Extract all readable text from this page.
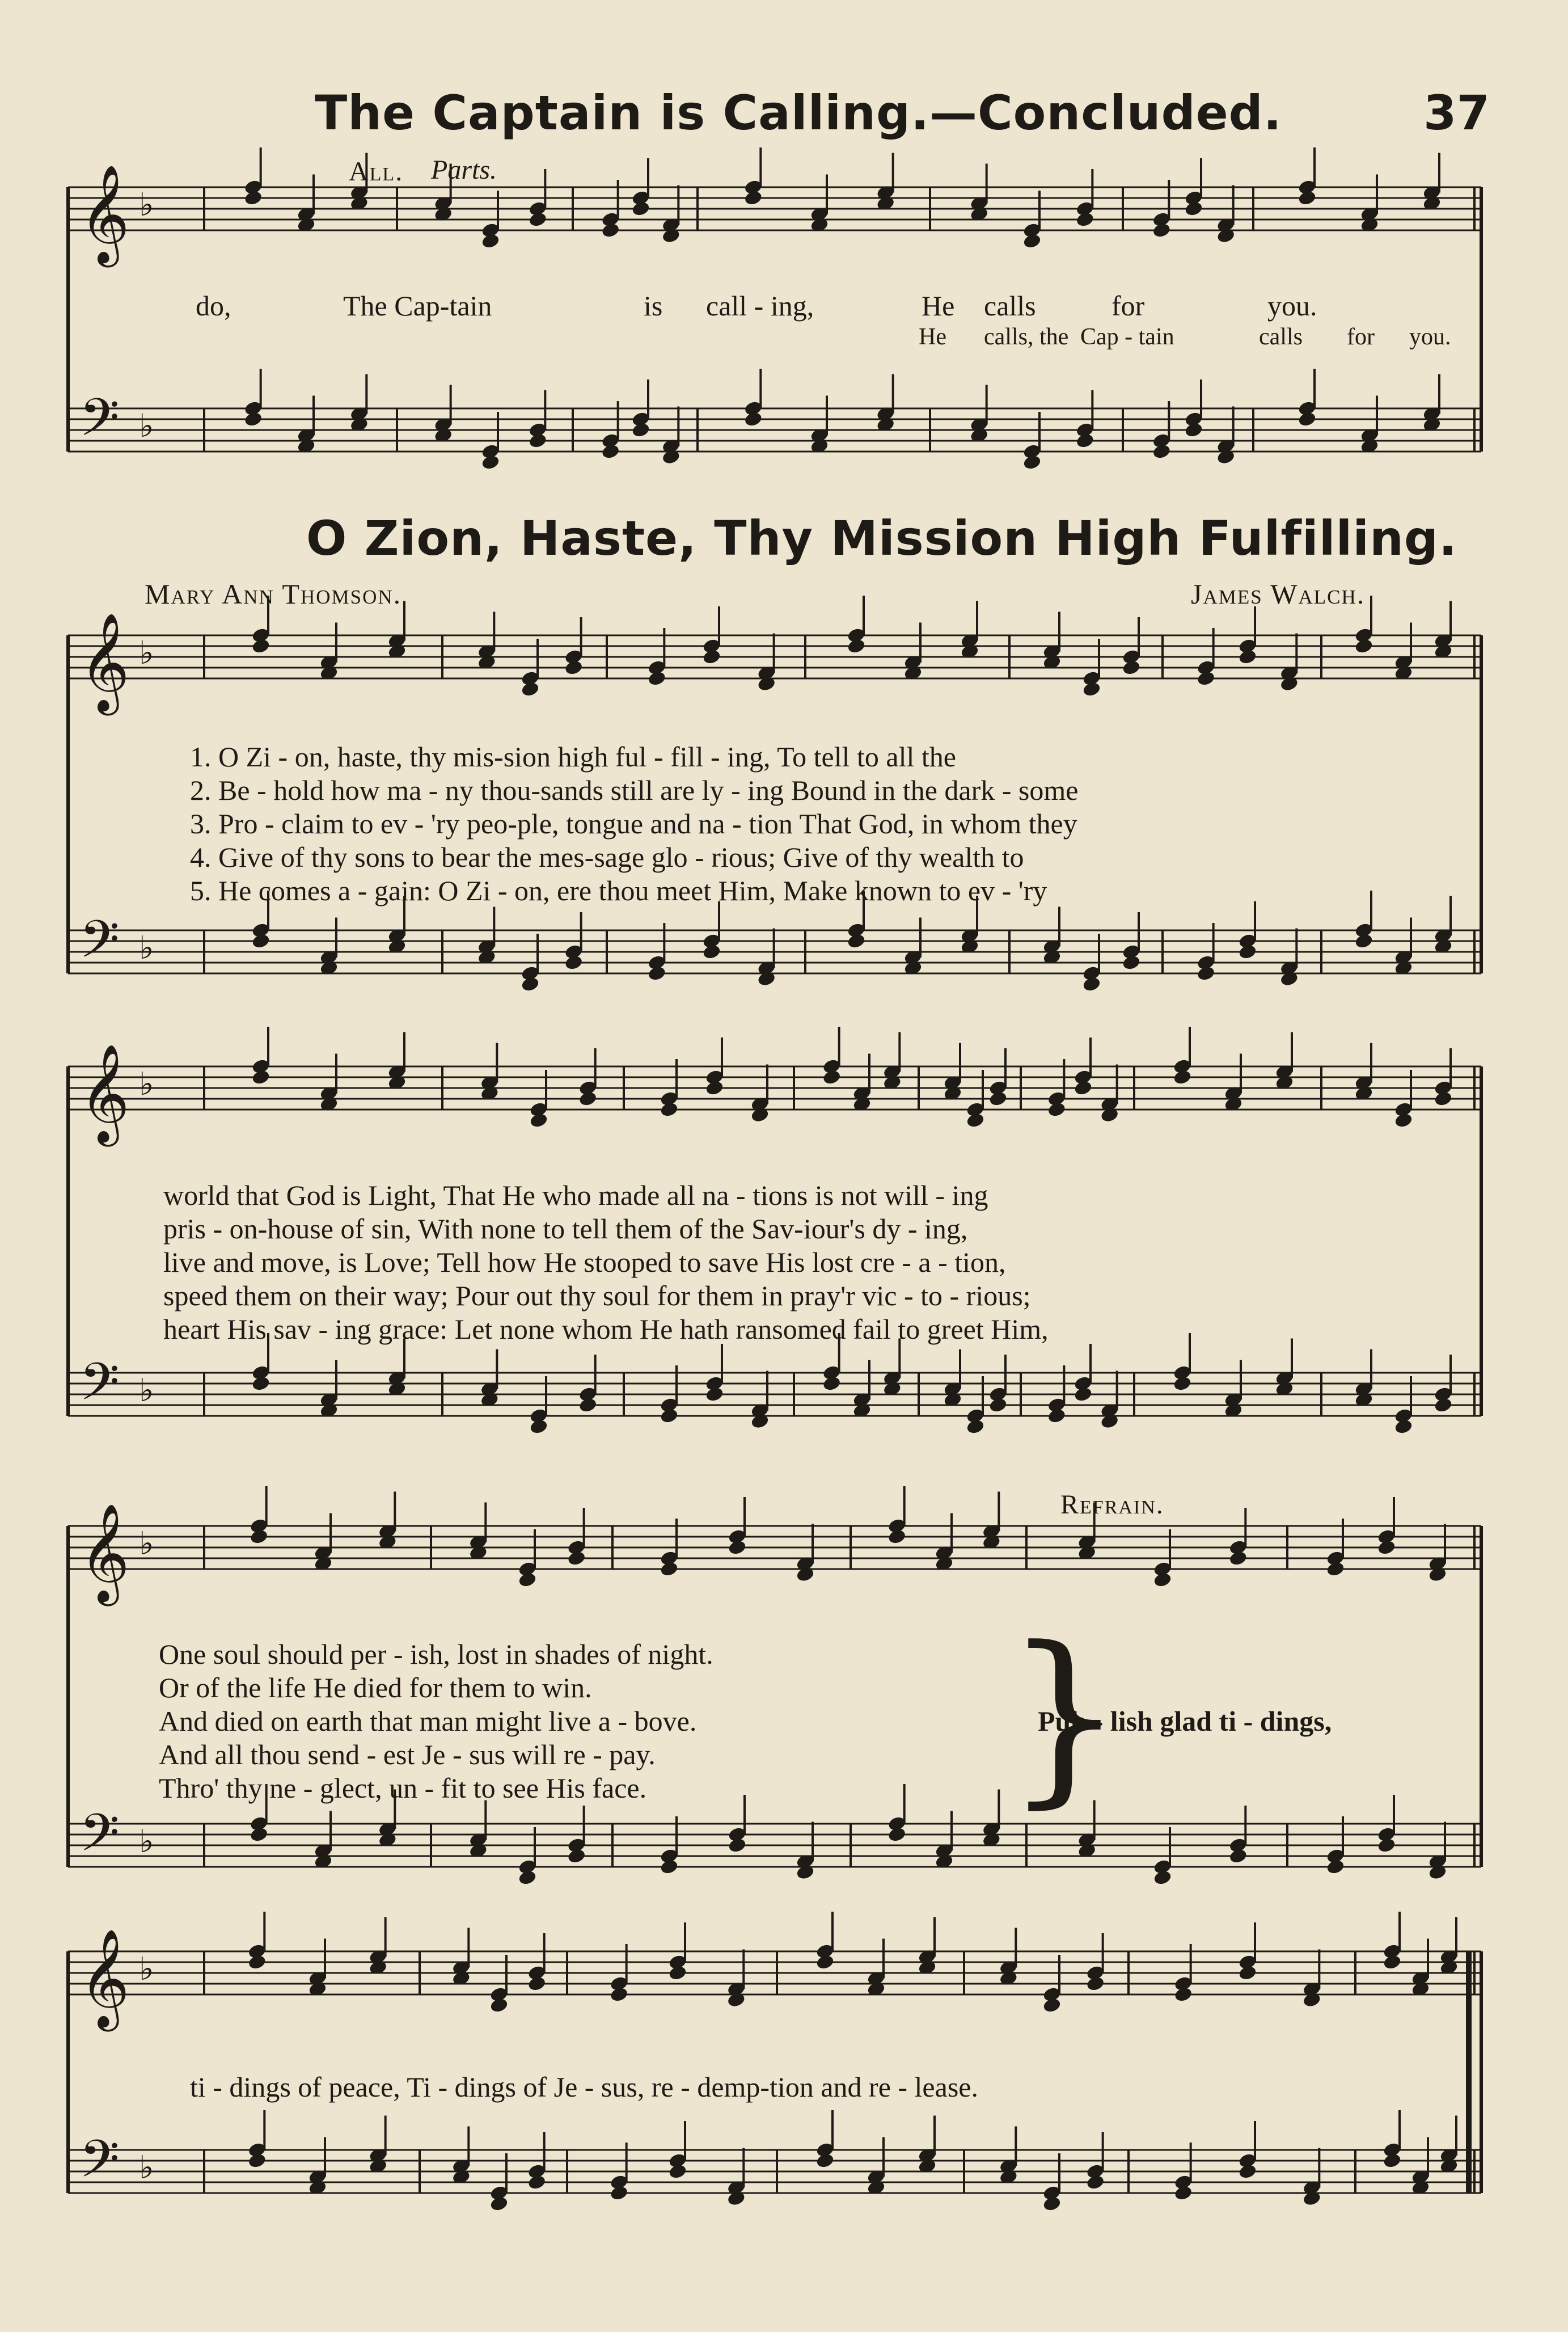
The Captain is Calling.—Concluded.	37
All. Parts.
do,	The Cap-tain	is call - ing,	He calls	for	you.
He calls, the Cap - tain	calls for you.
O Zion, Haste, Thy Mission High Fulfilling.
Mary Ann Thomson.	James Walch.
𝄞 ♭
𝄢 ♭
𝄞 ♭
𝄢 ♭
𝄞 ♭
𝄢 ♭
𝄞 ♭
𝄢 ♭
𝄞 ♭
𝄢 ♭
1. O Zi - on, haste, thy mis-sion high ful - fill - ing, To tell to all the
2. Be - hold how ma - ny thou-sands still are ly - ing Bound in the dark - some
3. Pro - claim to ev - 'ry peo-ple, tongue and na - tion That God, in whom they
4. Give of thy sons to bear the mes-sage glo - rious; Give of thy wealth to
5. He comes a - gain: O Zi - on, ere thou meet Him, Make known to ev - 'ry
world that God is Light, That He who made all na - tions is not will - ing
pris - on-house of sin, With none to tell them of the Sav-iour's dy - ing,
live and move, is Love; Tell how He stooped to save His lost cre - a - tion,
speed them on their way; Pour out thy soul for them in pray'r vic - to - rious;
heart His sav - ing grace: Let none whom He hath ransomed fail to greet Him,
Refrain.
One soul should per - ish, lost in shades of night.
Or of the life He died for them to win.
And died on earth that man might live a - bove.
And all thou send - est Je - sus will re - pay.
Thro' thy ne - glect, un - fit to see His face.	}
Pub - lish glad ti - dings,
ti - dings of peace, Ti - dings of Je - sus, re - demp-tion and re - lease.
